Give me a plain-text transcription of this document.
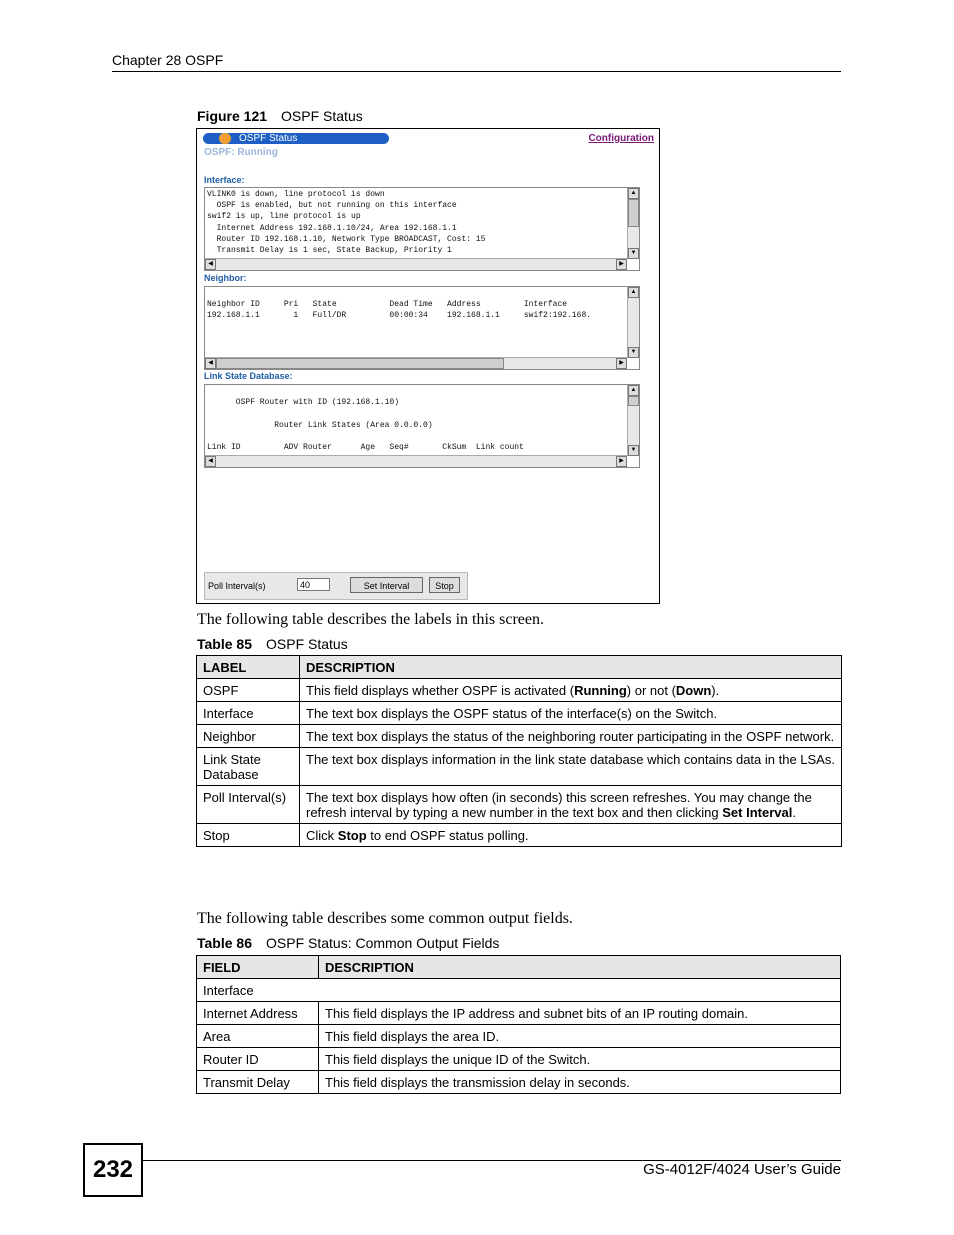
Chapter 28 OSPF
Figure 121 OSPF Status
OSPF Status	Configuration
OSPF: Running
Interface:
VLINK0 is down, line protocol is down
OSPF is enabled, but not running on this interface
swif2 is up, line protocol is up
Internet Address 192.168.1.10/24, Area 192.168.1.1
Router ID 192.168.1.10, Network Type BROADCAST, Cost: 15
Transmit Delay is 1 sec, State Backup, Priority 1
▲
▼
◀	▶
Neighbor:

Neighbor ID     Pri   State           Dead Time   Address         Interface
192.168.1.1       1   Full/DR         00:00:34    192.168.1.1     swif2:192.168.
▲
▼
◀	▶
Link State Database:

OSPF Router with ID (192.168.1.10)

Router Link States (Area 0.0.0.0)

Link ID         ADV Router      Age   Seq#       CkSum  Link count
▲
▼
◀	▶
Poll Interval(s)	40	Set Interval	Stop
The following table describes the labels in this screen.
Table 85 OSPF Status
LABEL	DESCRIPTION
OSPF	This field displays whether OSPF is activated (Running) or not (Down).
Interface	The text box displays the OSPF status of the interface(s) on the Switch.
Neighbor	The text box displays the status of the neighboring router participating in the OSPF network.
Link State Database	The text box displays information in the link state database which contains data in the LSAs.
Poll Interval(s)	The text box displays how often (in seconds) this screen refreshes. You may change the refresh interval by typing a new number in the text box and then clicking Set Interval.
Stop	Click Stop to end OSPF status polling.
The following table describes some common output fields.
Table 86 OSPF Status: Common Output Fields
FIELD	DESCRIPTION
Interface	
Internet Address	This field displays the IP address and subnet bits of an IP routing domain.
Area	This field displays the area ID.
Router ID	This field displays the unique ID of the Switch.
Transmit Delay	This field displays the transmission delay in seconds.
232	GS-4012F/4024 User’s Guide
